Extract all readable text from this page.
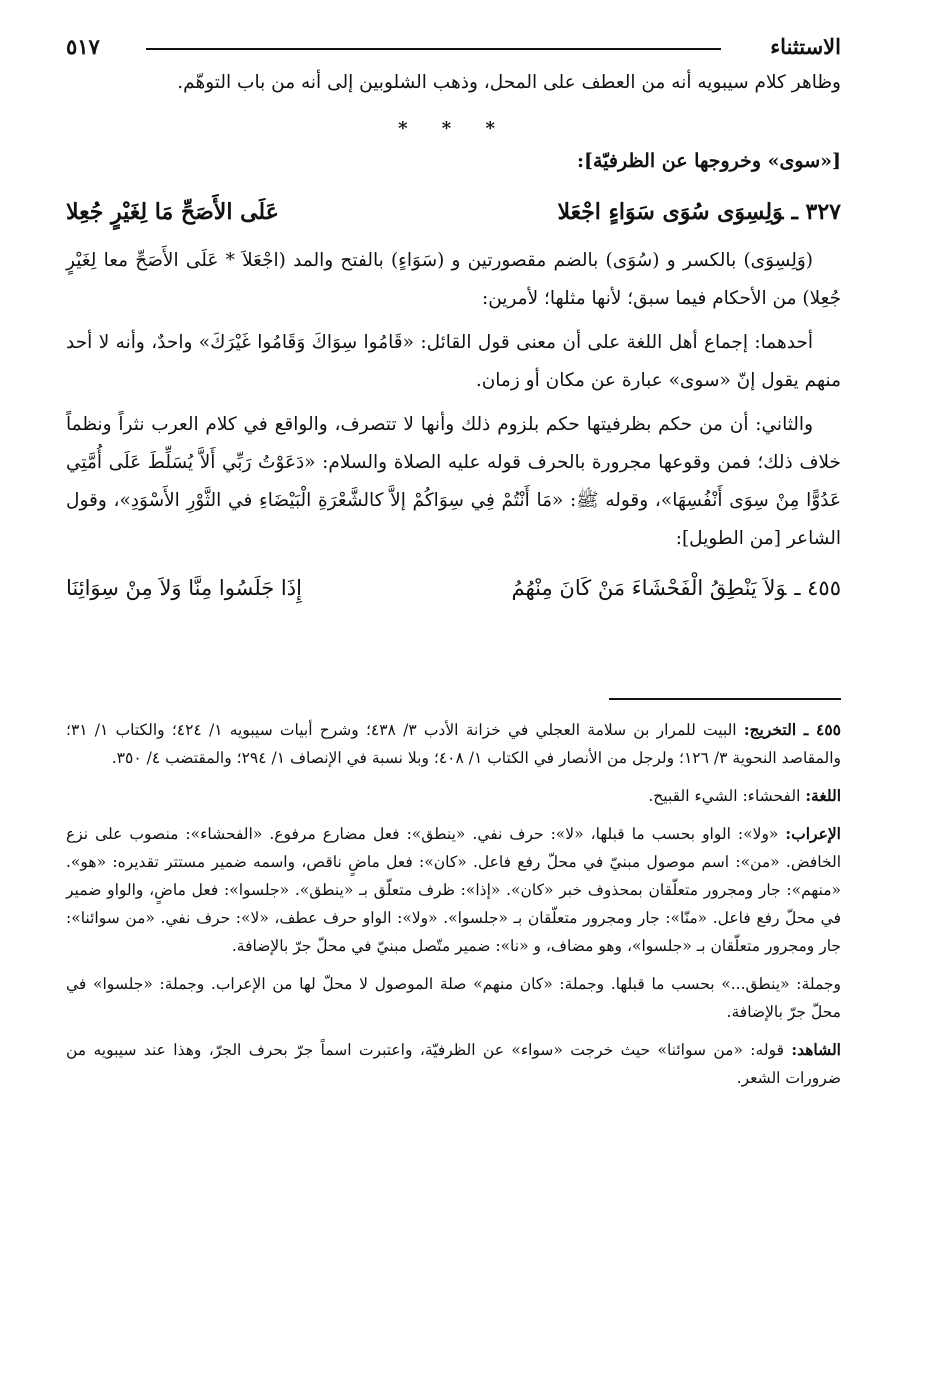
الاستثناء
٥١٧

وظاهر كلام سيبويه أنه من العطف على المحل، وذهب الشلوبين إلى أنه من باب التوهّم.

* * *
[«سوى» وخروجها عن الظرفيّة]:
٣٢٧ ـوَلِسِوَى سُوَى سَوَاءٍ اجْعَلا
عَلَى الأَصَحِّ مَا لِغَيْرٍ جُعِلا

(وَلِسِوَى) بالكسر و (سُوَى) بالضم مقصورتين و (سَوَاءٍ) بالفتح والمد (اجْعَلاَ * عَلَى الأَصَحِّ معا لِغَيْرٍ جُعِلا) من الأحكام فيما سبق؛ لأنها مثلها؛ لأمرين:

أحدهما: إجماع أهل اللغة على أن معنى قول القائل: «قَامُوا سِوَاكَ وَقَامُوا غَيْرَكَ» واحدٌ، وأنه لا أحد منهم يقول إنّ «سوى» عبارة عن مكان أو زمان.

والثاني: أن من حكم بظرفيتها حكم بلزوم ذلك وأنها لا تتصرف، والواقع في كلام العرب نثراً ونظماً خلاف ذلك؛ فمن وقوعها مجرورة بالحرف قوله عليه الصلاة والسلام: «دَعَوْتُ رَبِّي أَلاَّ يُسَلِّطَ عَلَى أُمَّتِي عَدُوًّا مِنْ سِوَى أَنْفُسِهَا»، وقوله ﷺ: «مَا أَنْتُمْ فِي سِوَاكُمْ إلاَّ كالشَّعْرَةِ الْبَيْضَاءِ في الثَّوْرِ الأَسْوَدِ»، وقول الشاعر [من الطويل]:

٤٥٥ ـوَلاَ يَنْطِقُ الْفَحْشَاءَ مَنْ كَانَ مِنْهُمُ
إِذَا جَلَسُوا مِنَّا وَلاَ مِنْ سِوَائِنَا
٤٥٥ ـ التخريج: البيت للمرار بن سلامة العجلي في خزانة الأدب ٣/ ٤٣٨؛ وشرح أبيات سيبويه ١/ ٤٢٤؛ والكتاب ١/ ٣١؛ والمقاصد النحوية ٣/ ١٢٦؛ ولرجل من الأنصار في الكتاب ١/ ٤٠٨؛ وبلا نسبة في الإنصاف ١/ ٢٩٤؛ والمقتضب ٤/ ٣٥٠.
اللغة: الفحشاء: الشيء القبيح.
الإعراب: «ولا»: الواو بحسب ما قبلها، «لا»: حرف نفي. «ينطق»: فعل مضارع مرفوع. «الفحشاء»: منصوب على نزع الخافض. «من»: اسم موصول مبنيّ في محلّ رفع فاعل. «كان»: فعل ماضٍ ناقص، واسمه ضمير مستتر تقديره: «هو». «منهم»: جار ومجرور متعلّقان بمحذوف خبر «كان». «إذا»: ظرف متعلّق بـ «ينطق». «جلسوا»: فعل ماضٍ، والواو ضمير في محلّ رفع فاعل. «منّا»: جار ومجرور متعلّقان بـ «جلسوا». «ولا»: الواو حرف عطف، «لا»: حرف نفي. «من سوائنا»: جار ومجرور متعلّقان بـ «جلسوا»، وهو مضاف، و «نا»: ضمير متّصل مبنيّ في محلّ جرّ بالإضافة.
وجملة: «ينطق...» بحسب ما قبلها. وجملة: «كان منهم» صلة الموصول لا محلّ لها من الإعراب. وجملة: «جلسوا» في محلّ جرّ بالإضافة.
الشاهد: قوله: «من سوائنا» حيث خرجت «سواء» عن الظرفيّة، واعتبرت اسماً جرّ بحرف الجرّ، وهذا عند سيبويه من ضرورات الشعر.
